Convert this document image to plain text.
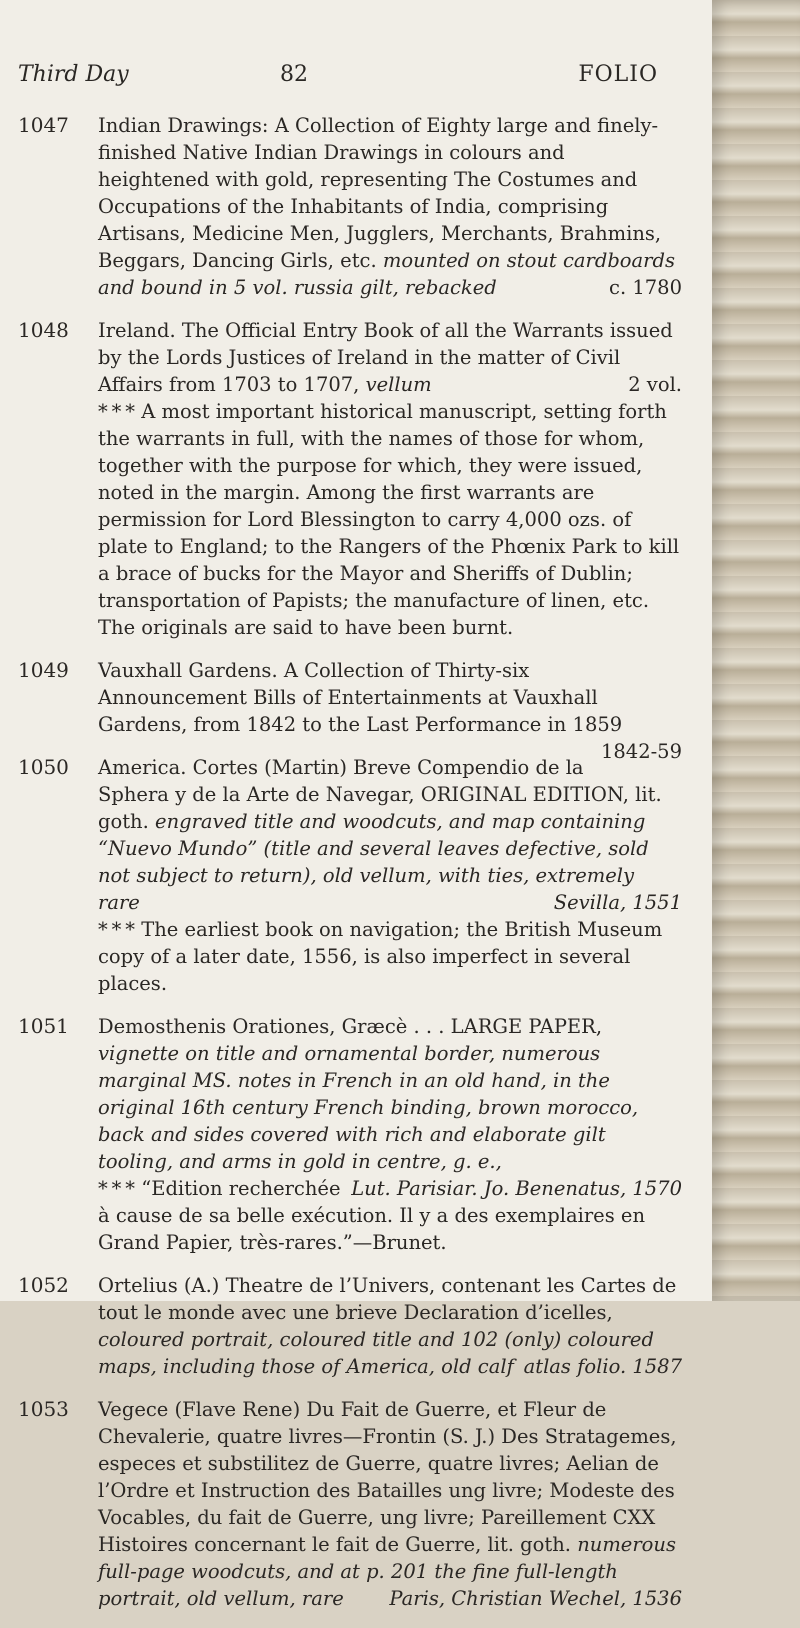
Third Day	82	FOLIO
1047 Indian Drawings: A Collection of Eighty large and finely-finished Native Indian Drawings in colours and heightened with gold, representing The Costumes and Occupations of the Inhabitants of India, comprising Artisans, Medicine Men, Jugglers, Merchants, Brahmins, Beggars, Dancing Girls, etc. mounted on stout cardboards and bound in 5 vol. russia gilt, rebacked	c. 1780

1048 Ireland. The Official Entry Book of all the Warrants issued by the Lords Justices of Ireland in the matter of Civil Affairs from 1703 to 1707, vellum	2 vol.

* * * A most important historical manuscript, setting forth the warrants in full, with the names of those for whom, together with the purpose for which, they were issued, noted in the margin. Among the first warrants are permission for Lord Blessington to carry 4,000 ozs. of plate to England; to the Rangers of the Phœnix Park to kill a brace of bucks for the Mayor and Sheriffs of Dublin; transportation of Papists; the manufacture of linen, etc. The originals are said to have been burnt.

1049 Vauxhall Gardens. A Collection of Thirty-six Announcement Bills of Entertainments at Vauxhall Gardens, from 1842 to the Last Performance in 1859
1842-59

1050 America. Cortes (Martin) Breve Compendio de la Sphera y de la Arte de Navegar, ORIGINAL EDITION, lit. goth. engraved title and woodcuts, and map containing “Nuevo Mundo” (title and several leaves defective, sold not subject to return), old vellum, with ties, extremely rare	Sevilla, 1551

* * * The earliest book on navigation; the British Museum copy of a later date, 1556, is also imperfect in several places.

1051 Demosthenis Orationes, Græcè . . . LARGE PAPER, vignette on title and ornamental border, numerous marginal MS. notes in French in an old hand, in the original 16th century French binding, brown morocco, back and sides covered with rich and elaborate gilt tooling, and arms in gold in centre, g. e.,
Lut. Parisiar. Jo. Benenatus, 1570

* * * “Edition recherchée à cause de sa belle exécution. Il y a des exemplaires en Grand Papier, très-rares.”—Brunet.

1052 Ortelius (A.) Theatre de l’Univers, contenant les Cartes de tout le monde avec une brieve Declaration d’icelles, coloured portrait, coloured title and 102 (only) coloured maps, including those of America, old calf atlas folio. 1587

1053 Vegece (Flave Rene) Du Fait de Guerre, et Fleur de Chevalerie, quatre livres—Frontin (S. J.) Des Stratagemes, especes et substilitez de Guerre, quatre livres; Aelian de l’Ordre et Instruction des Batailles ung livre; Modeste des Vocables, du fait de Guerre, ung livre; Pareillement CXX Histoires concernant le fait de Guerre, lit. goth. numerous full-page woodcuts, and at p. 201 the fine full-length portrait, old vellum, rare Paris, Christian Wechel, 1536
